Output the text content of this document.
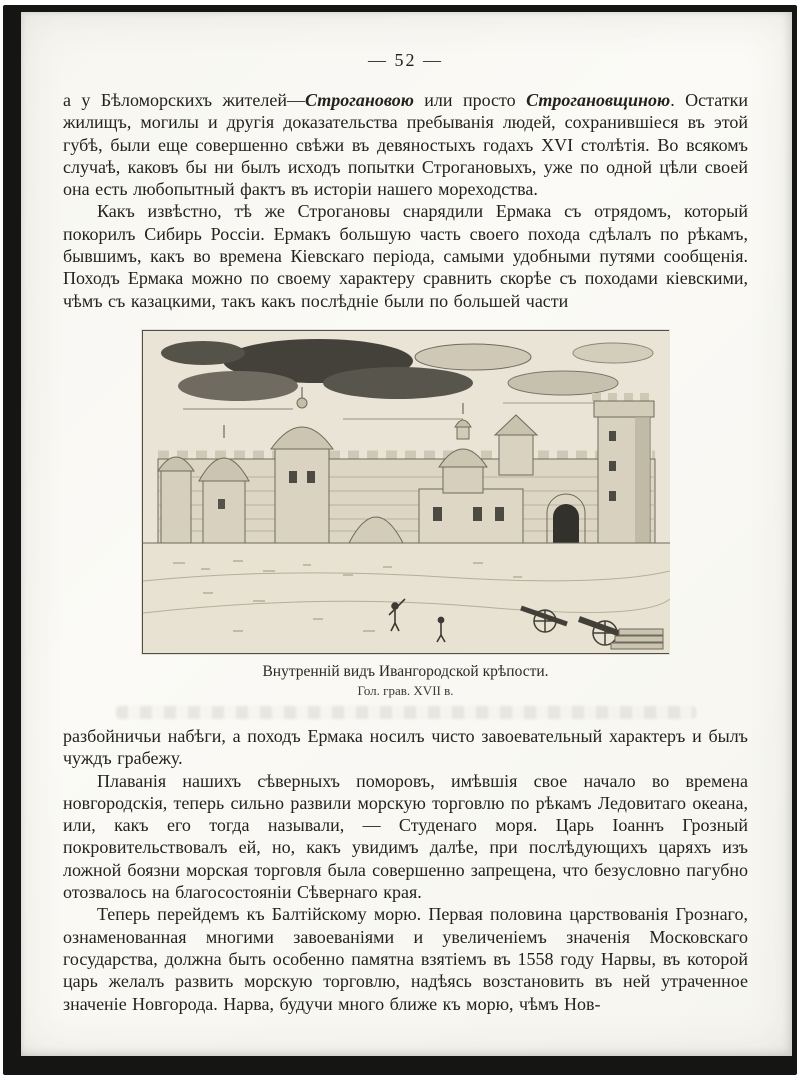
— 52 —

а у Бѣломорскихъ жителей—Строгановою или просто Строгановщиною. Остатки жилищъ, могилы и другія доказательства пребыванія людей, сохранившіеся въ этой губѣ, были еще совершенно свѣжи въ девяностыхъ годахъ XVI столѣтія. Во всякомъ случаѣ, каковъ бы ни былъ исходъ попытки Строгановыхъ, уже по одной цѣли своей она есть любопытный фактъ въ исторіи нашего мореходства.

Какъ извѣстно, тѣ же Строгановы снарядили Ермака съ отрядомъ, который покорилъ Сибирь Россіи. Ермакъ большую часть своего похода сдѣлалъ по рѣкамъ, бывшимъ, какъ во времена Кіевскаго періода, самыми удобными путями сообщенія. Походъ Ермака можно по своему характеру сравнить скорѣе съ походами кіевскими, чѣмъ съ казацкими, такъ какъ послѣдніе были по большей части

Внутренній видъ Ивангородской крѣпости.
Гол. грав. XVII в.

разбойничьи набѣги, а походъ Ермака носилъ чисто завоевательный характеръ и былъ чуждъ грабежу.

Плаванія нашихъ сѣверныхъ поморовъ, имѣвшія свое начало во времена новгородскія, теперь сильно развили морскую торговлю по рѣкамъ Ледовитаго океана, или, какъ его тогда называли, — Студенаго моря. Царь Іоаннъ Грозный покровительствовалъ ей, но, какъ увидимъ далѣе, при послѣдующихъ царяхъ изъ ложной боязни морская торговля была совершенно запрещена, что безусловно пагубно отозвалось на благосостояніи Сѣвернаго края.

Теперь перейдемъ къ Балтійскому морю. Первая половина царствованія Грознаго, ознаменованная многими завоеваніями и увеличеніемъ значенія Московскаго государства, должна быть особенно памятна взятіемъ въ 1558 году Нарвы, въ которой царь желалъ развить морскую торговлю, надѣясь возстановить въ ней утраченное значеніе Новгорода. Нарва, будучи много ближе къ морю, чѣмъ Нов-
